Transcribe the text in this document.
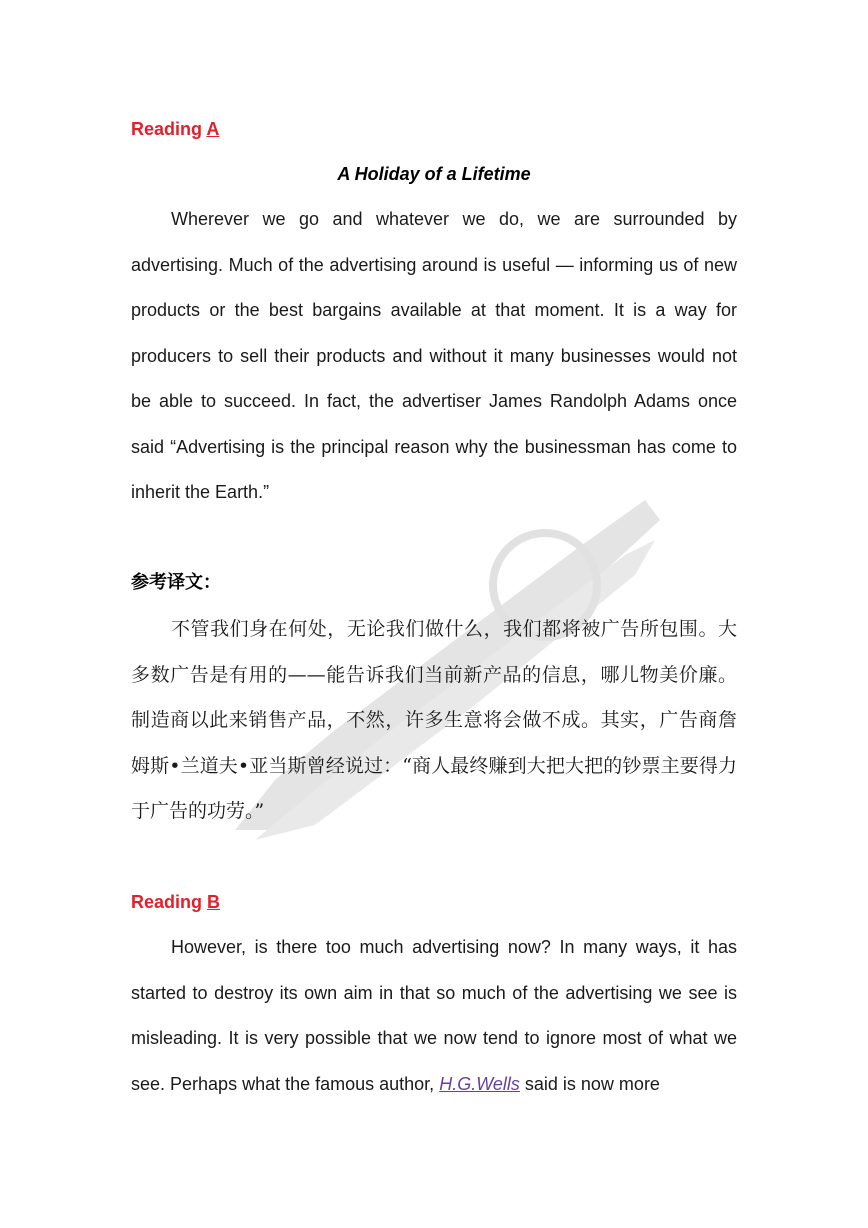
Reading A

A Holiday of a Lifetime

Wherever we go and whatever we do, we are surrounded by advertising. Much of the advertising around is useful — informing us of new products or the best bargains available at that moment. It is a way for producers to sell their products and without it many businesses would not be able to succeed. In fact, the advertiser James Randolph Adams once said “Advertising is the principal reason why the businessman has come to inherit the Earth.”

参考译文：

不管我们身在何处，无论我们做什么，我们都将被广告所包围。大多数广告是有用的——能告诉我们当前新产品的信息，哪儿物美价廉。制造商以此来销售产品，不然，许多生意将会做不成。其实，广告商詹姆斯•兰道夫•亚当斯曾经说过：“商人最终赚到大把大把的钞票主要得力于广告的功劳。”

Reading B

However, is there too much advertising now? In many ways, it has started to destroy its own aim in that so much of the advertising we see is misleading. It is very possible that we now tend to ignore most of what we see. Perhaps what the famous author, H.G.Wells said is now more
